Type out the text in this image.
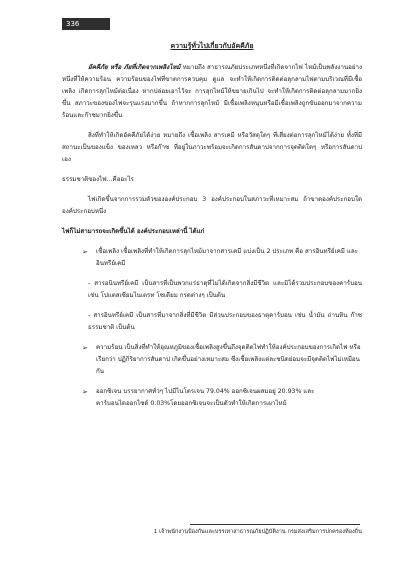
336
ความรู้ทั่วไปเกี่ยวกับอัคคีภัย

อัคคีภัย หรือ ภัยที่เกิดจากเพลิงไหม้ หมายถึง สาธารณภัยประเภทหนึ่งที่เกิดจากไฟ ไหม้เป็นพลังงานอย่างหนึ่งที่ให้ความร้อน ความร้อนของไฟที่ขาดการควบคุม ดูแล จะทำให้เกิดการติดต่อลุกลามไฟตามบริเวณที่มีเชื้อเพลิง เกิดการลุกไหม้ต่อเนื่อง หากปล่อยเอาไว้จะ การลุกไหม้ให้ขยายเกินไป จะทำให้เกิดการติดต่อลุกลามมากยิ่งขึ้น สภาวะของของไฟจะรุนแรงมากขึ้น ถ้าหากการลุกไหม้ มีเชื้อเพลิงหนุนหรือมีเชื้อเพลิงถูกขับออกมาจากความร้อนและก๊าซมากยิ่งขึ้น

สิ่งที่ทำให้เกิดอัคคีภัยได้ง่าย หมายถึง เชื้อเพลิง สารเคมี หรือวัสดุใดๆ ที่เสี่ยงต่อการลุกไหม้ได้ง่าย ทั้งที่มีสถานะเป็นของแข็ง ของเหลว หรือก๊าซ ที่อยู่ในภาวะพร้อมจะเกิดการสันดาปจากการจุดติดใดๆ หรือการสันดาป เอง

ธรรมชาติของไฟ...คืออะไร

ไฟเกิดขึ้นจากการรวมตัวขององค์ประกอบ 3 องค์ประกอบในสภาวะที่เหมาะสม ถ้าขาดองค์ประกอบใดองค์ประกอบหนึ่ง

ไฟก็ไม่สามารถจะเกิดขึ้นได้ องค์ประกอบเหล่านี้ ได้แก่
➢	เชื้อเพลิง เชื้อเพลิงที่ทำให้เกิดการลุกไหม้มาจากสารเคมี แบ่งเป็น 2 ประเภท คือ สารอินทรีย์เคมี และอินทรีย์เคมี

- สารอนินทรีย์เคมี เป็นสารที่เป็นพวกแร่ธาตุที่ไม่ได้เกิดจากสิ่งมีชีวิต และมิได้รวมประกอบของคาร์บอน เช่น โปแตสเซียมไนเตรท โซเดียม กรดต่างๆ เป็นต้น

- สารอินทรีย์เคมี เป็นสารที่มาจากสิ่งที่มีชีวิต มีส่วนประกอบของธาตุคาร์บอน เช่น น้ำมัน ถ่านหิน ก๊าซธรรมชาติ เป็นต้น

➢	ความร้อน เป็นสิ่งที่ทำให้อุณหภูมิของเชื้อเพลิงสูงขึ้นถึงจุดติดไฟทำให้องค์ประกอบของการเกิดไฟ หรือเรียกว่า ปฏิกิริยาการสันดาป เกิดขึ้นอย่างเหมาะสม ซึ่งเชื้อเพลิงแต่ละชนิดย่อมจะมีจุดติดไฟไม่เหมือนกัน
➢	ออกซิเจน บรรยากาศทั่วๆ ไปมีไนโตรเจน 79.04% ออกซิเจนผสมอยู่ 20.93% และคาร์บอนไดออกไซด์ 0.03%โดยออกซิเจนจะเป็นตัวทำให้เกิดการเผาไหม้
1 เจ้าพนักงานป้องกันและบรรเทาสาธารณภัยปฏิบัติงาน กรมส่งเสริมการปกครองท้องถิ่น
